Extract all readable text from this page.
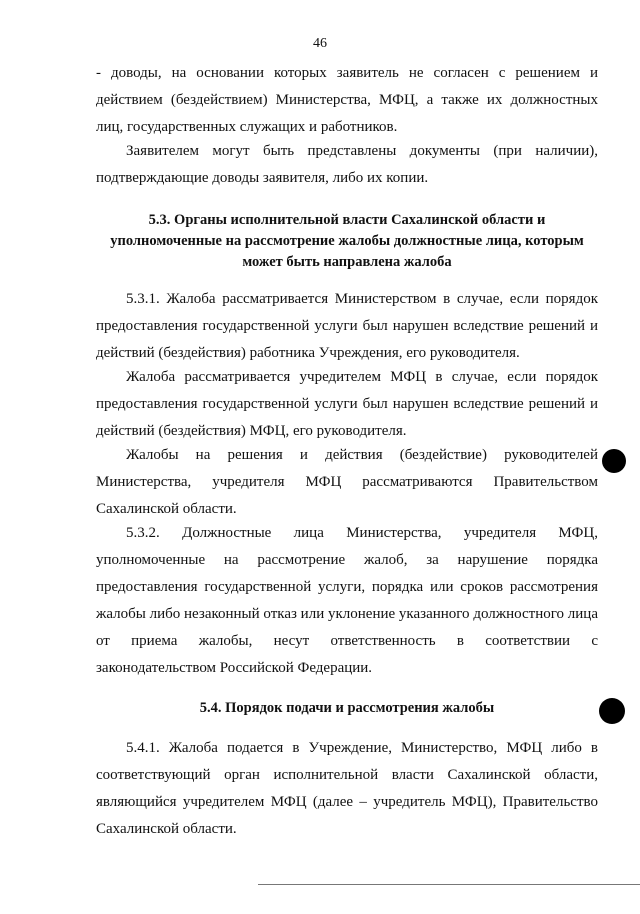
46

- доводы, на основании которых заявитель не согласен с решением и действием (бездействием) Министерства, МФЦ, а также их должностных лиц, государственных служащих и работников.

Заявителем могут быть представлены документы (при наличии), подтверждающие доводы заявителя, либо их копии.

5.3. Органы исполнительной власти Сахалинской области и уполномоченные на рассмотрение жалобы должностные лица, которым может быть направлена жалоба

5.3.1. Жалоба рассматривается Министерством в случае, если порядок предоставления государственной услуги был нарушен вследствие решений и действий (бездействия) работника Учреждения, его руководителя.

Жалоба рассматривается учредителем МФЦ в случае, если порядок предоставления государственной услуги был нарушен вследствие решений и действий (бездействия) МФЦ, его руководителя.

Жалобы на решения и действия (бездействие) руководителей Министерства, учредителя МФЦ рассматриваются Правительством Сахалинской области.

5.3.2. Должностные лица Министерства, учредителя МФЦ, уполномоченные на рассмотрение жалоб, за нарушение порядка предоставления государственной услуги, порядка или сроков рассмотрения жалобы либо незаконный отказ или уклонение указанного должностного лица от приема жалобы, несут ответственность в соответствии с законодательством Российской Федерации.

5.4. Порядок подачи и рассмотрения жалобы

5.4.1. Жалоба подается в Учреждение, Министерство, МФЦ либо в соответствующий орган исполнительной власти Сахалинской области, являющийся учредителем МФЦ (далее – учредитель МФЦ), Правительство Сахалинской области.
